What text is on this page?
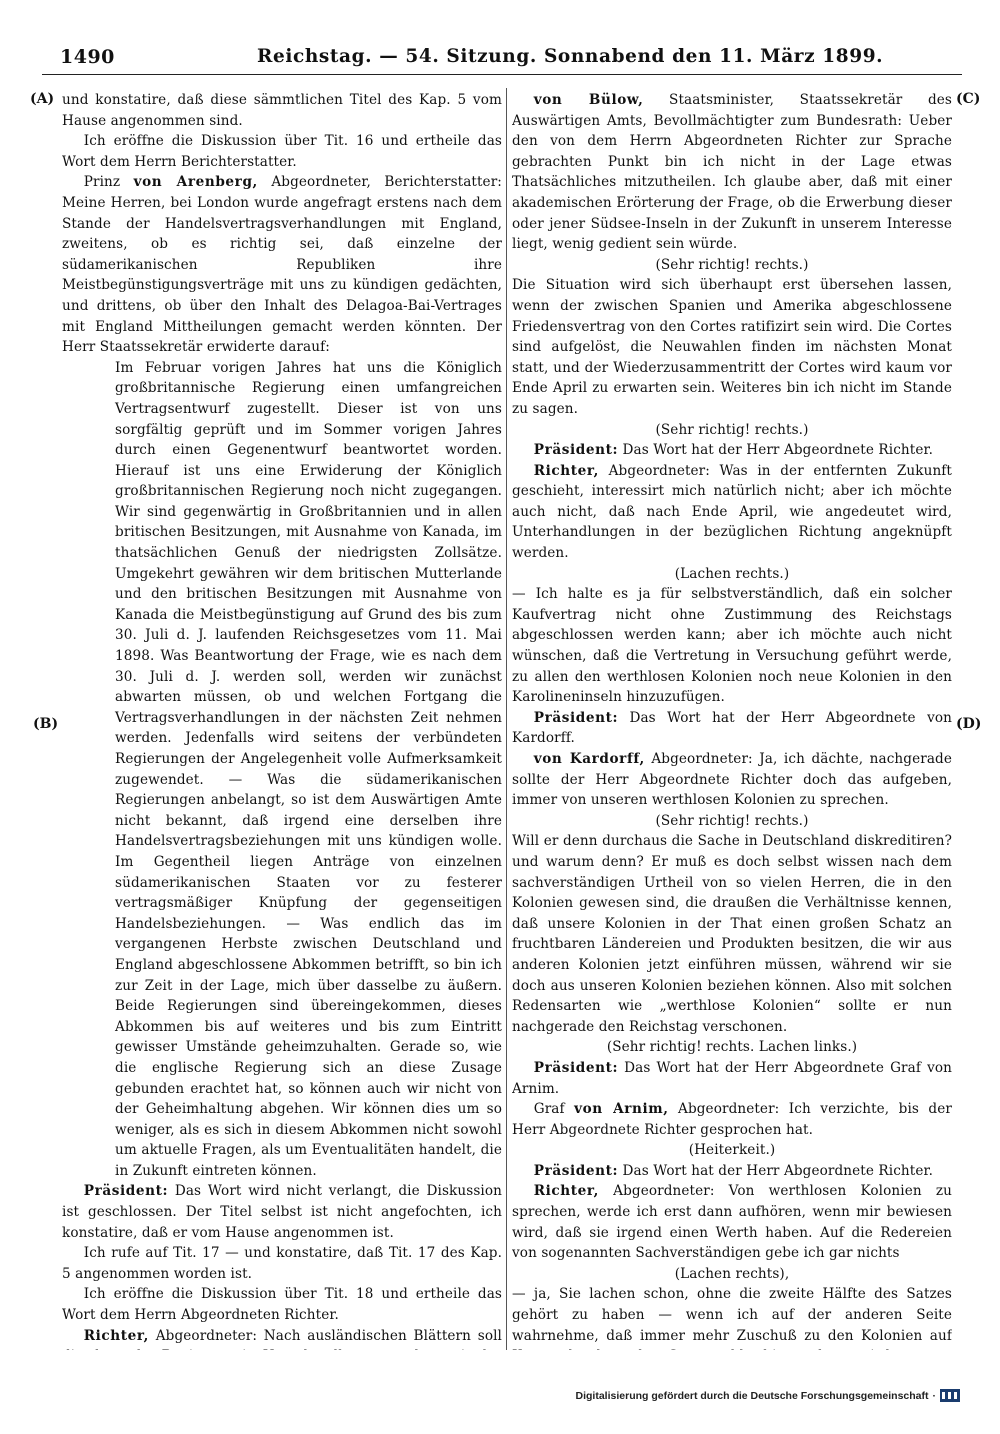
1490	Reichstag. — 54. Sitzung. Sonnabend den 11. März 1899.
(A)
(B)
(C)
(D)

und konstatire, daß diese sämmtlichen Titel des Kap. 5 vom Hause angenommen sind.

Ich eröffne die Diskussion über Tit. 16 und ertheile das Wort dem Herrn Berichterstatter.

Prinz von Arenberg, Abgeordneter, Berichterstatter: Meine Herren, bei London wurde angefragt erstens nach dem Stande der Handelsvertragsverhandlungen mit England, zweitens, ob es richtig sei, daß einzelne der südamerikanischen Republiken ihre Meistbegünstigungsverträge mit uns zu kündigen gedächten, und drittens, ob über den Inhalt des Delagoa-Bai-Vertrages mit England Mittheilungen gemacht werden könnten. Der Herr Staatssekretär erwiderte darauf:

Im Februar vorigen Jahres hat uns die Königlich großbritannische Regierung einen umfangreichen Vertragsentwurf zugestellt. Dieser ist von uns sorgfältig geprüft und im Sommer vorigen Jahres durch einen Gegenentwurf beantwortet worden. Hierauf ist uns eine Erwiderung der Königlich großbritannischen Regierung noch nicht zugegangen. Wir sind gegenwärtig in Großbritannien und in allen britischen Besitzungen, mit Ausnahme von Kanada, im thatsächlichen Genuß der niedrigsten Zollsätze. Umgekehrt gewähren wir dem britischen Mutterlande und den britischen Besitzungen mit Ausnahme von Kanada die Meistbegünstigung auf Grund des bis zum 30. Juli d. J. laufenden Reichsgesetzes vom 11. Mai 1898. Was Beantwortung der Frage, wie es nach dem 30. Juli d. J. werden soll, werden wir zunächst abwarten müssen, ob und welchen Fortgang die Vertragsverhandlungen in der nächsten Zeit nehmen werden. Jedenfalls wird seitens der verbündeten Regierungen der Angelegenheit volle Aufmerksamkeit zugewendet. — Was die südamerikanischen Regierungen anbelangt, so ist dem Auswärtigen Amte nicht bekannt, daß irgend eine derselben ihre Handelsvertragsbeziehungen mit uns kündigen wolle. Im Gegentheil liegen Anträge von einzelnen südamerikanischen Staaten vor zu festerer vertragsmäßiger Knüpfung der gegenseitigen Handelsbeziehungen. — Was endlich das im vergangenen Herbste zwischen Deutschland und England abgeschlossene Abkommen betrifft, so bin ich zur Zeit in der Lage, mich über dasselbe zu äußern. Beide Regierungen sind übereingekommen, dieses Abkommen bis auf weiteres und bis zum Eintritt gewisser Umstände geheimzuhalten. Gerade so, wie die englische Regierung sich an diese Zusage gebunden erachtet hat, so können auch wir nicht von der Geheimhaltung abgehen. Wir können dies um so weniger, als es sich in diesem Abkommen nicht sowohl um aktuelle Fragen, als um Eventualitäten handelt, die in Zukunft eintreten können.

Präsident: Das Wort wird nicht verlangt, die Diskussion ist geschlossen. Der Titel selbst ist nicht angefochten, ich konstatire, daß er vom Hause angenommen ist.

Ich rufe auf Tit. 17 — und konstatire, daß Tit. 17 des Kap. 5 angenommen worden ist.

Ich eröffne die Diskussion über Tit. 18 und ertheile das Wort dem Herrn Abgeordneten Richter.

Richter, Abgeordneter: Nach ausländischen Blättern soll

von Bülow, Staatsminister, Staatssekretär des Auswärtigen Amts, Bevollmächtigter zum Bundesrath: Ueber den von dem Herrn Abgeordneten Richter zur Sprache gebrachten Punkt bin ich nicht in der Lage etwas Thatsächliches mitzutheilen. Ich glaube aber, daß mit einer akademischen Erörterung der Frage, ob die Erwerbung dieser oder jener Südsee-Inseln in der Zukunft in unserem Interesse liegt, wenig gedient sein würde.

(Sehr richtig! rechts.)

Die Situation wird sich überhaupt erst übersehen lassen, wenn der zwischen Spanien und Amerika abgeschlossene Friedensvertrag von den Cortes ratifizirt sein wird. Die Cortes sind aufgelöst, die Neuwahlen finden im nächsten Monat statt, und der Wiederzusammentritt der Cortes wird kaum vor Ende April zu erwarten sein. Weiteres bin ich nicht im Stande zu sagen.

(Sehr richtig! rechts.)

Präsident: Das Wort hat der Herr Abgeordnete Richter.

Richter, Abgeordneter: Was in der entfernten Zukunft geschieht, interessirt mich natürlich nicht; aber ich möchte auch nicht, daß nach Ende April, wie angedeutet wird, Unterhandlungen in der bezüglichen Richtung angeknüpft werden.

(Lachen rechts.)

— Ich halte es ja für selbstverständlich, daß ein solcher Kaufvertrag nicht ohne Zustimmung des Reichstags abgeschlossen werden kann; aber ich möchte auch nicht wünschen, daß die Vertretung in Versuchung geführt werde, zu allen den werthlosen Kolonien noch neue Kolonien in den Karolineninseln hinzuzufügen.

Präsident: Das Wort hat der Herr Abgeordnete von Kardorff.

von Kardorff, Abgeordneter: Ja, ich dächte, nachgerade sollte der Herr Abgeordnete Richter doch das aufgeben, immer von unseren werthlosen Kolonien zu sprechen.

(Sehr richtig! rechts.)

Will er denn durchaus die Sache in Deutschland diskreditiren? und warum denn? Er muß es doch selbst wissen nach dem sachverständigen Urtheil von so vielen Herren, die in den Kolonien gewesen sind, die draußen die Verhältnisse kennen, daß unsere Kolonien in der That einen großen Schatz an fruchtbaren Ländereien und Produkten besitzen, die wir aus anderen Kolonien jetzt einführen müssen, während wir sie doch aus unseren Kolonien beziehen können. Also mit solchen Redensarten wie „werthlose Kolonien“ sollte er nun nachgerade den Reichstag verschonen.

(Sehr richtig! rechts. Lachen links.)

Präsident: Das Wort hat der Herr Abgeordnete Graf von Arnim.

Graf von Arnim, Abgeordneter: Ich verzichte, bis der Herr Abgeordnete Richter gesprochen hat.

(Heiterkeit.)

Präsident: Das Wort hat der Herr Abgeordnete Richter.

Richter, Abgeordneter: Von werthlosen Kolonien zu sprechen, werde ich erst dann aufhören, wenn mir bewiesen wird, daß sie irgend einen Werth haben. Auf die Redereien von sogenannten Sachverständigen gebe ich gar nichts

(Lachen rechts),

— ja, Sie lachen schon, ohne die zweite Hälfte des Satzes gehört zu haben — wenn ich auf der anderen Seite wahrnehme, daß immer mehr Zuschuß zu den Kolonien auf

Digitalisierung gefördert durch die Deutsche Forschungsgemeinschaft ·
